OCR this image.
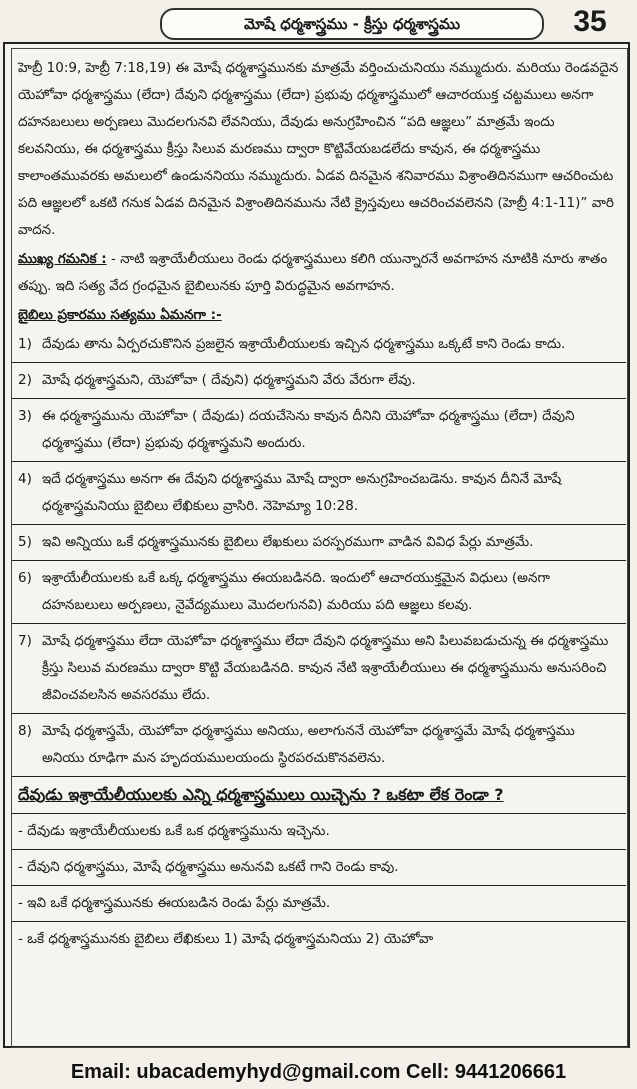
మోషే ధర్మశాస్త్రము - క్రీస్తు ధర్మశాస్త్రము	35

హెబ్రీ 10:9, హెబ్రీ 7:18,19) ఈ మోషే ధర్మశాస్త్రమునకు మాత్రమే వర్తించుచునియు నమ్ముదురు. మరియు రెండవదైన యెహోవా ధర్మశాస్త్రము (లేదా) దేవుని ధర్మశాస్త్రము (లేదా) ప్రభువు ధర్మశాస్త్రములో ఆచారయుక్త చట్టములు అనగా దహనబలులు అర్పణలు మొదలగునవి లేవనియు, దేవుడు అనుగ్రహించిన “పది ఆజ్ఞలు” మాత్రమే ఇందు కలవనియు, ఈ ధర్మశాస్త్రము క్రీస్తు సిలువ మరణము ద్వారా కొట్టివేయబడలేదు కావున, ఈ ధర్మశాస్త్రము కాలాంతమువరకు అమలులో ఉండుననియు నమ్ముదురు. ఏడవ దినమైన శనివారము విశ్రాంతిదినముగా ఆచరించుట పది ఆజ్ఞలలో ఒకటి గనుక ఏడవ దినమైన విశ్రాంతిదినమును నేటి క్రైస్తవులు ఆచరించవలెనని (హెబ్రీ 4:1-11)” వారి వాదన.

ముఖ్య గమనిక : - నాటి ఇశ్రాయేలీయులు రెండు ధర్మశాస్త్రములు కలిగి యున్నారనే అవగాహన నూటికి నూరు శాతం తప్పు. ఇది సత్య వేద గ్రంధమైన బైబిలునకు పూర్తి విరుద్ధమైన అవగాహన.

బైబిలు ప్రకారము సత్యము ఏమనగా :-

1) దేవుడు తాను ఏర్పరచుకొనిన ప్రజలైన ఇశ్రాయేలీయులకు ఇచ్చిన ధర్మశాస్త్రము ఒక్కటే కాని రెండు కాదు.
2) మోషే ధర్మశాస్త్రమని, యెహోవా ( దేవుని) ధర్మశాస్త్రమని వేరు వేరుగా లేవు.
3) ఈ ధర్మశాస్త్రమును యెహోవా ( దేవుడు) దయచేసెను కావున దీనిని యెహోవా ధర్మశాస్త్రము (లేదా) దేవుని ధర్మశాస్త్రము (లేదా) ప్రభువు ధర్మశాస్త్రమని అందురు.
4) ఇదే ధర్మశాస్త్రము అనగా ఈ దేవుని ధర్మశాస్త్రము మోషే ద్వారా అనుగ్రహించబడెను. కావున దీనినే మోషే ధర్మశాస్త్రమనియు బైబిలు లేఖికులు వ్రాసిరి. నెహెమ్యా 10:28.
5) ఇవి అన్నియు ఒకే ధర్మశాస్త్రమునకు బైబిలు లేఖకులు పరస్పరముగా వాడిన వివిధ పేర్లు మాత్రమే.
6) ఇశ్రాయేలీయులకు ఒకే ఒక్క ధర్మశాస్త్రము ఈయబడినది. ఇందులో ఆచారయుక్తమైన విధులు (అనగా దహనబలులు అర్పణలు, నైవేద్యములు మొదలగునవి) మరియు పది ఆజ్ఞలు కలవు.
7) మోషే ధర్మశాస్త్రము లేదా యెహోవా ధర్మశాస్త్రము లేదా దేవుని ధర్మశాస్త్రము అని పిలువబడుచున్న ఈ ధర్మశాస్త్రము క్రీస్తు సిలువ మరణము ద్వారా కొట్టి వేయబడినది. కావున నేటి ఇశ్రాయేలీయులు ఈ ధర్మశాస్త్రమును అనుసరించి జీవించవలసిన అవసరము లేదు.
8) మోషే ధర్మశాస్త్రమే, యెహోవా ధర్మశాస్త్రము అనియు, అలాగుననే యెహోవా ధర్మశాస్త్రమే మోషే ధర్మశాస్త్రము అనియు రూఢిగా మన హృదయములయందు స్థిరపరచుకొనవలెను.

దేవుడు ఇశ్రాయేలీయులకు ఎన్ని ధర్మశాస్త్రములు యిచ్చెను ? ఒకటా లేక రెండా ?

- దేవుడు ఇశ్రాయేలీయులకు ఒకే ఒక ధర్మశాస్త్రమును ఇచ్చెను.

- దేవుని ధర్మశాస్త్రము, మోషే ధర్మశాస్త్రము అనునవి ఒకటే గాని రెండు కావు.

- ఇవి ఒకే ధర్మశాస్త్రమునకు ఈయబడిన రెండు పేర్లు మాత్రమే.

- ఒకే ధర్మశాస్త్రమునకు బైబిలు లేఖికులు 1) మోషే ధర్మశాస్త్రమనియు 2) యెహోవా

Email: ubacademyhyd@gmail.com Cell: 9441206661
